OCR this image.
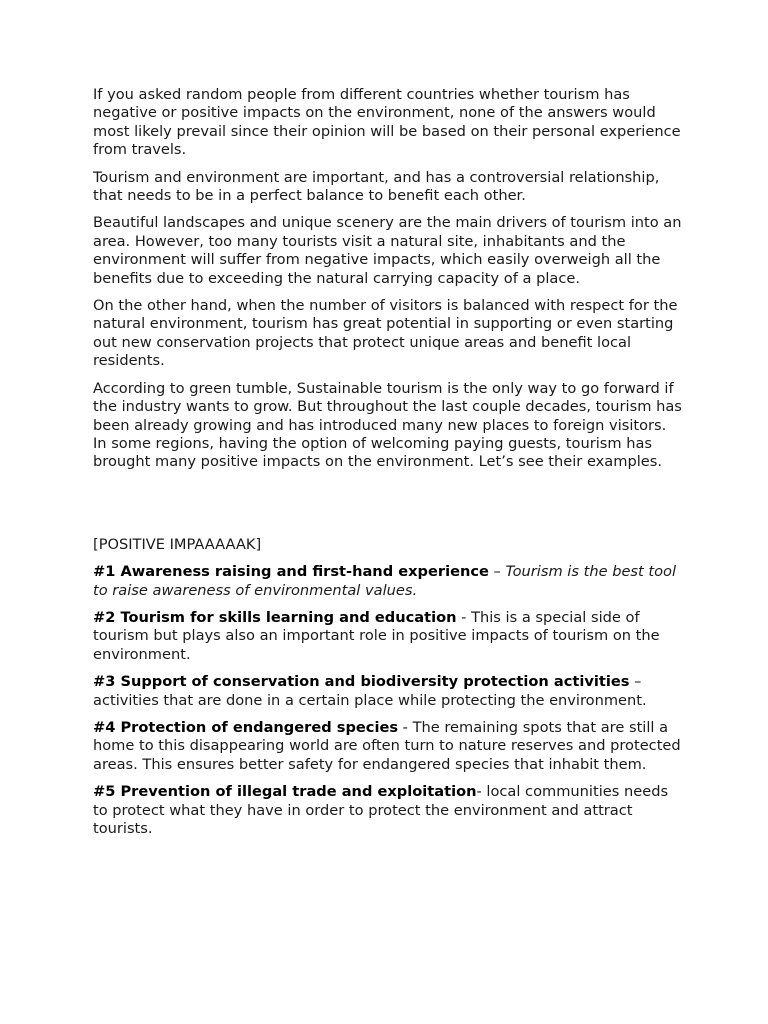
If you asked random people from different countries whether tourism has negative or positive impacts on the environment, none of the answers would most likely prevail since their opinion will be based on their personal experience from travels.

Tourism and environment are important, and has a controversial relationship, that needs to be in a perfect balance to benefit each other.

Beautiful landscapes and unique scenery are the main drivers of tourism into an area. However, too many tourists visit a natural site, inhabitants and the environment will suffer from negative impacts, which easily overweigh all the benefits due to exceeding the natural carrying capacity of a place.

On the other hand, when the number of visitors is balanced with respect for the natural environment, tourism has great potential in supporting or even starting out new conservation projects that protect unique areas and benefit local residents.

According to green tumble, Sustainable tourism is the only way to go forward if the industry wants to grow. But throughout the last couple decades, tourism has been already growing and has introduced many new places to foreign visitors. In some regions, having the option of welcoming paying guests, tourism has brought many positive impacts on the environment. Let’s see their examples.

[POSITIVE IMPAAAAAK]

#1 Awareness raising and first-hand experience – Tourism is the best tool to raise awareness of environmental values.

#2 Tourism for skills learning and education - This is a special side of tourism but plays also an important role in positive impacts of tourism on the environment.

#3 Support of conservation and biodiversity protection activities – activities that are done in a certain place while protecting the environment.

#4 Protection of endangered species - The remaining spots that are still a home to this disappearing world are often turn to nature reserves and protected areas. This ensures better safety for endangered species that inhabit them.

#5 Prevention of illegal trade and exploitation- local communities needs to protect what they have in order to protect the environment and attract tourists.
